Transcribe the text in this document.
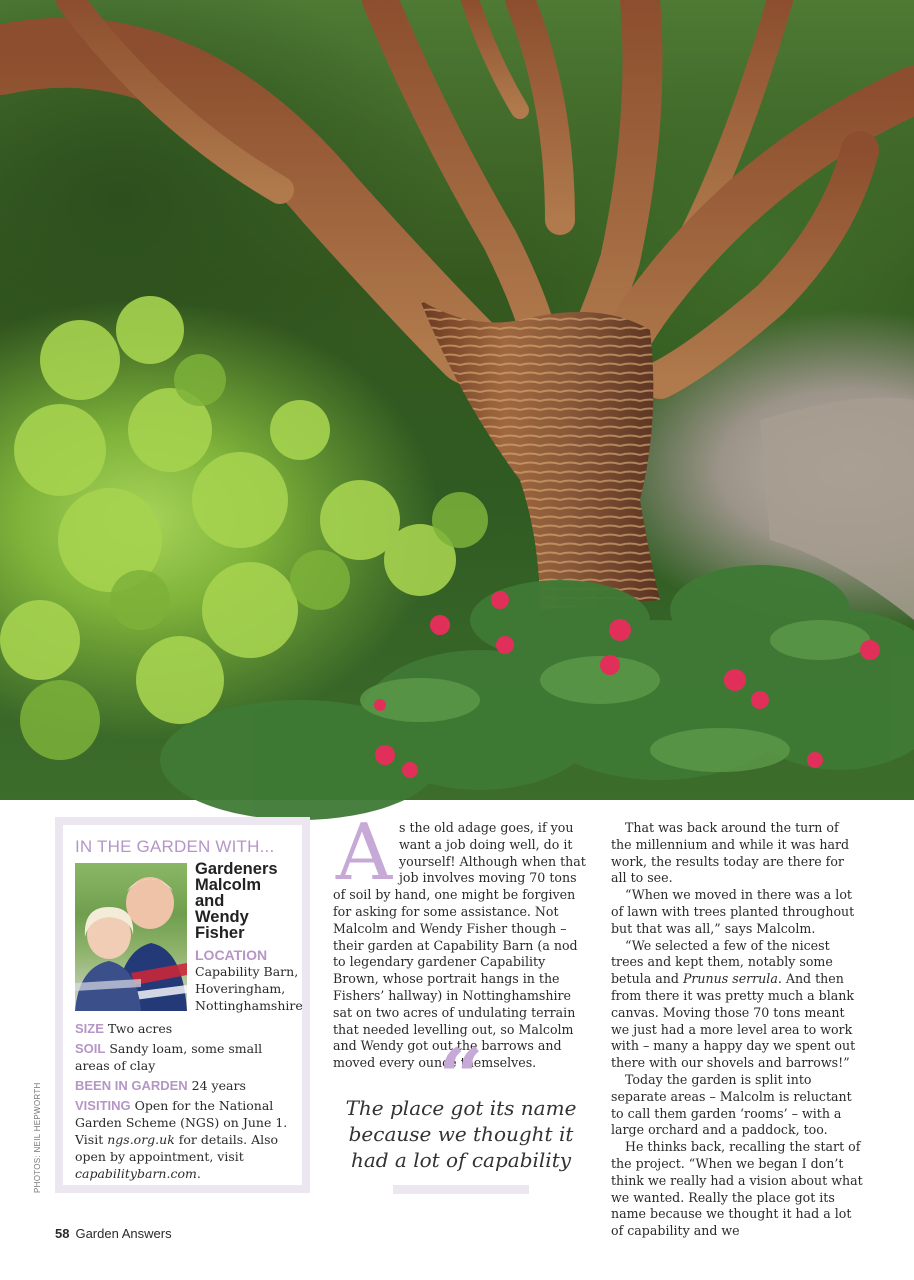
PHOTOS: NEIL HEPWORTH
IN THE GARDEN WITH...
Gardeners
Malcolm
and
Wendy
Fisher
LOCATION
Capability Barn,
Hoveringham,
Nottinghamshire
SIZE Two acres
SOIL Sandy loam, some small areas of clay
BEEN IN GARDEN 24 years
VISITING Open for the National Garden Scheme (NGS) on June 1. Visit ngs.org.uk for details. Also open by appointment, visit capabilitybarn.com.
A s the old adage goes, if you want a job doing well, do it yourself! Although when that job involves moving 70 tons of soil by hand, one might be forgiven for asking for some assistance. Not Malcolm and Wendy Fisher though – their garden at Capability Barn (a nod to legendary gardener Capability Brown, whose portrait hangs in the Fishers’ hallway) in Nottinghamshire sat on two acres of undulating terrain that needed levelling out, so Malcolm and Wendy got out the barrows and moved every ounce themselves.

“
The place got its name because we thought it had a lot of capability

That was back around the turn of the millennium and while it was hard work, the results today are there for all to see.

“When we moved in there was a lot of lawn with trees planted throughout but that was all,” says Malcolm.

“We selected a few of the nicest trees and kept them, notably some betula and Prunus serrula. And then from there it was pretty much a blank canvas. Moving those 70 tons meant we just had a more level area to work with – many a happy day we spent out there with our shovels and barrows!”

Today the garden is split into separate areas – Malcolm is reluctant to call them garden ‘rooms’ – with a large orchard and a paddock, too.

He thinks back, recalling the start of the project. “When we began I don’t think we really had a vision about what we wanted. Really the place got its name because we thought it had a lot of capability and we

58 Garden Answers
